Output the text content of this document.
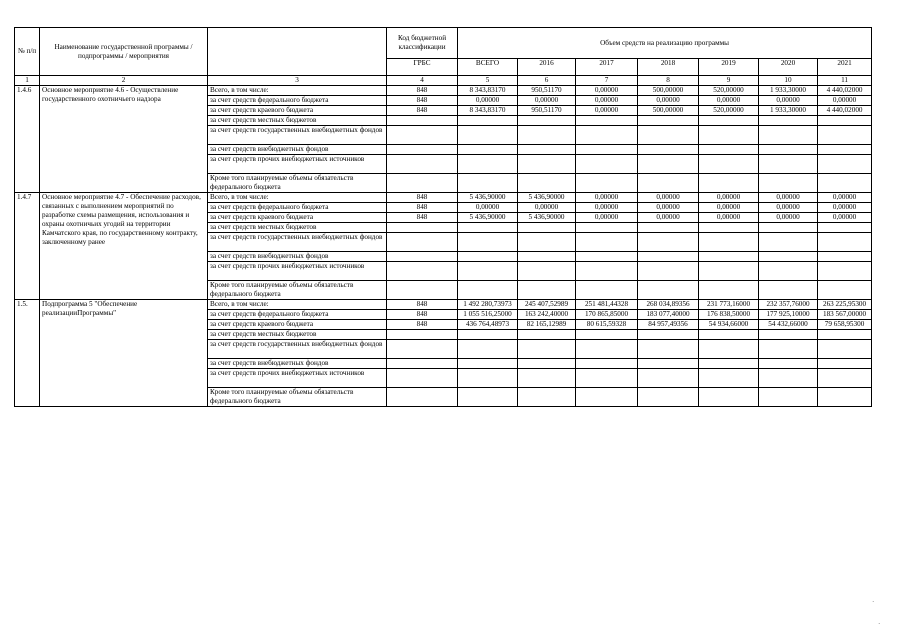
№ п/п	Наименование государственной программы / подпрограммы / мероприятия		Код бюджетной классификации	Объем средств на реализацию программы						
			ГРБС	ВСЕГО	2016	2017	2018	2019	2020	2021
1	2	3	4	5	6	7	8	9	10	11
1.4.6	Основное мероприятие 4.6 - Осуществление государственного охотничьего надзора	Всего, в том числе:	848	8 343,83170	950,51170	0,00000	500,00000	520,00000	1 933,30000	4 440,02000
		за счет средств федерального бюджета	848	0,00000	0,00000	0,00000	0,00000	0,00000	0,00000	0,00000
		за счет средств краевого бюджета	848	8 343,83170	950,51170	0,00000	500,00000	520,00000	1 933,30000	4 440,02000
		за счет средств местных бюджетов								
		за счет средств государственных внебюджетных фондов								
		за счет средств внебюджетных фондов								
		за счет средств прочих внебюджетных источников								
		Кроме того планируемые объемы обязательств федерального бюджета								
1.4.7	Основное мероприятие 4.7 - Обеспечение расходов, связанных с выполнением мероприятий по разработке схемы размещения, использования и охраны охотничьих угодий на территории Камчатского края, по государственному контракту, заключенному ранее	Всего, в том числе:	848	5 436,90000	5 436,90000	0,00000	0,00000	0,00000	0,00000	0,00000
		за счет средств федерального бюджета	848	0,00000	0,00000	0,00000	0,00000	0,00000	0,00000	0,00000
		за счет средств краевого бюджета	848	5 436,90000	5 436,90000	0,00000	0,00000	0,00000	0,00000	0,00000
		за счет средств местных бюджетов								
		за счет средств государственных внебюджетных фондов								
		за счет средств внебюджетных фондов								
		за счет средств прочих внебюджетных источников								
		Кроме того планируемые объемы обязательств федерального бюджета								
1.5.	Подпрограмма 5 "Обеспечение реализацииПрограммы"	Всего, в том числе:	848	1 492 280,73973	245 407,52989	251 481,44328	268 034,89356	231 773,16000	232 357,76000	263 225,95300
		за счет средств федерального бюджета	848	1 055 516,25000	163 242,40000	170 865,85000	183 077,40000	176 838,50000	177 925,10000	183 567,00000
		за счет средств краевого бюджета	848	436 764,48973	82 165,12989	80 615,59328	84 957,49356	54 934,66000	54 432,66000	79 658,95300
		за счет средств местных бюджетов								
		за счет средств государственных внебюджетных фондов								
		за счет средств внебюджетных фондов								
		за счет средств прочих внебюджетных источников								
		Кроме того планируемые объемы обязательств федерального бюджета								
·
·
